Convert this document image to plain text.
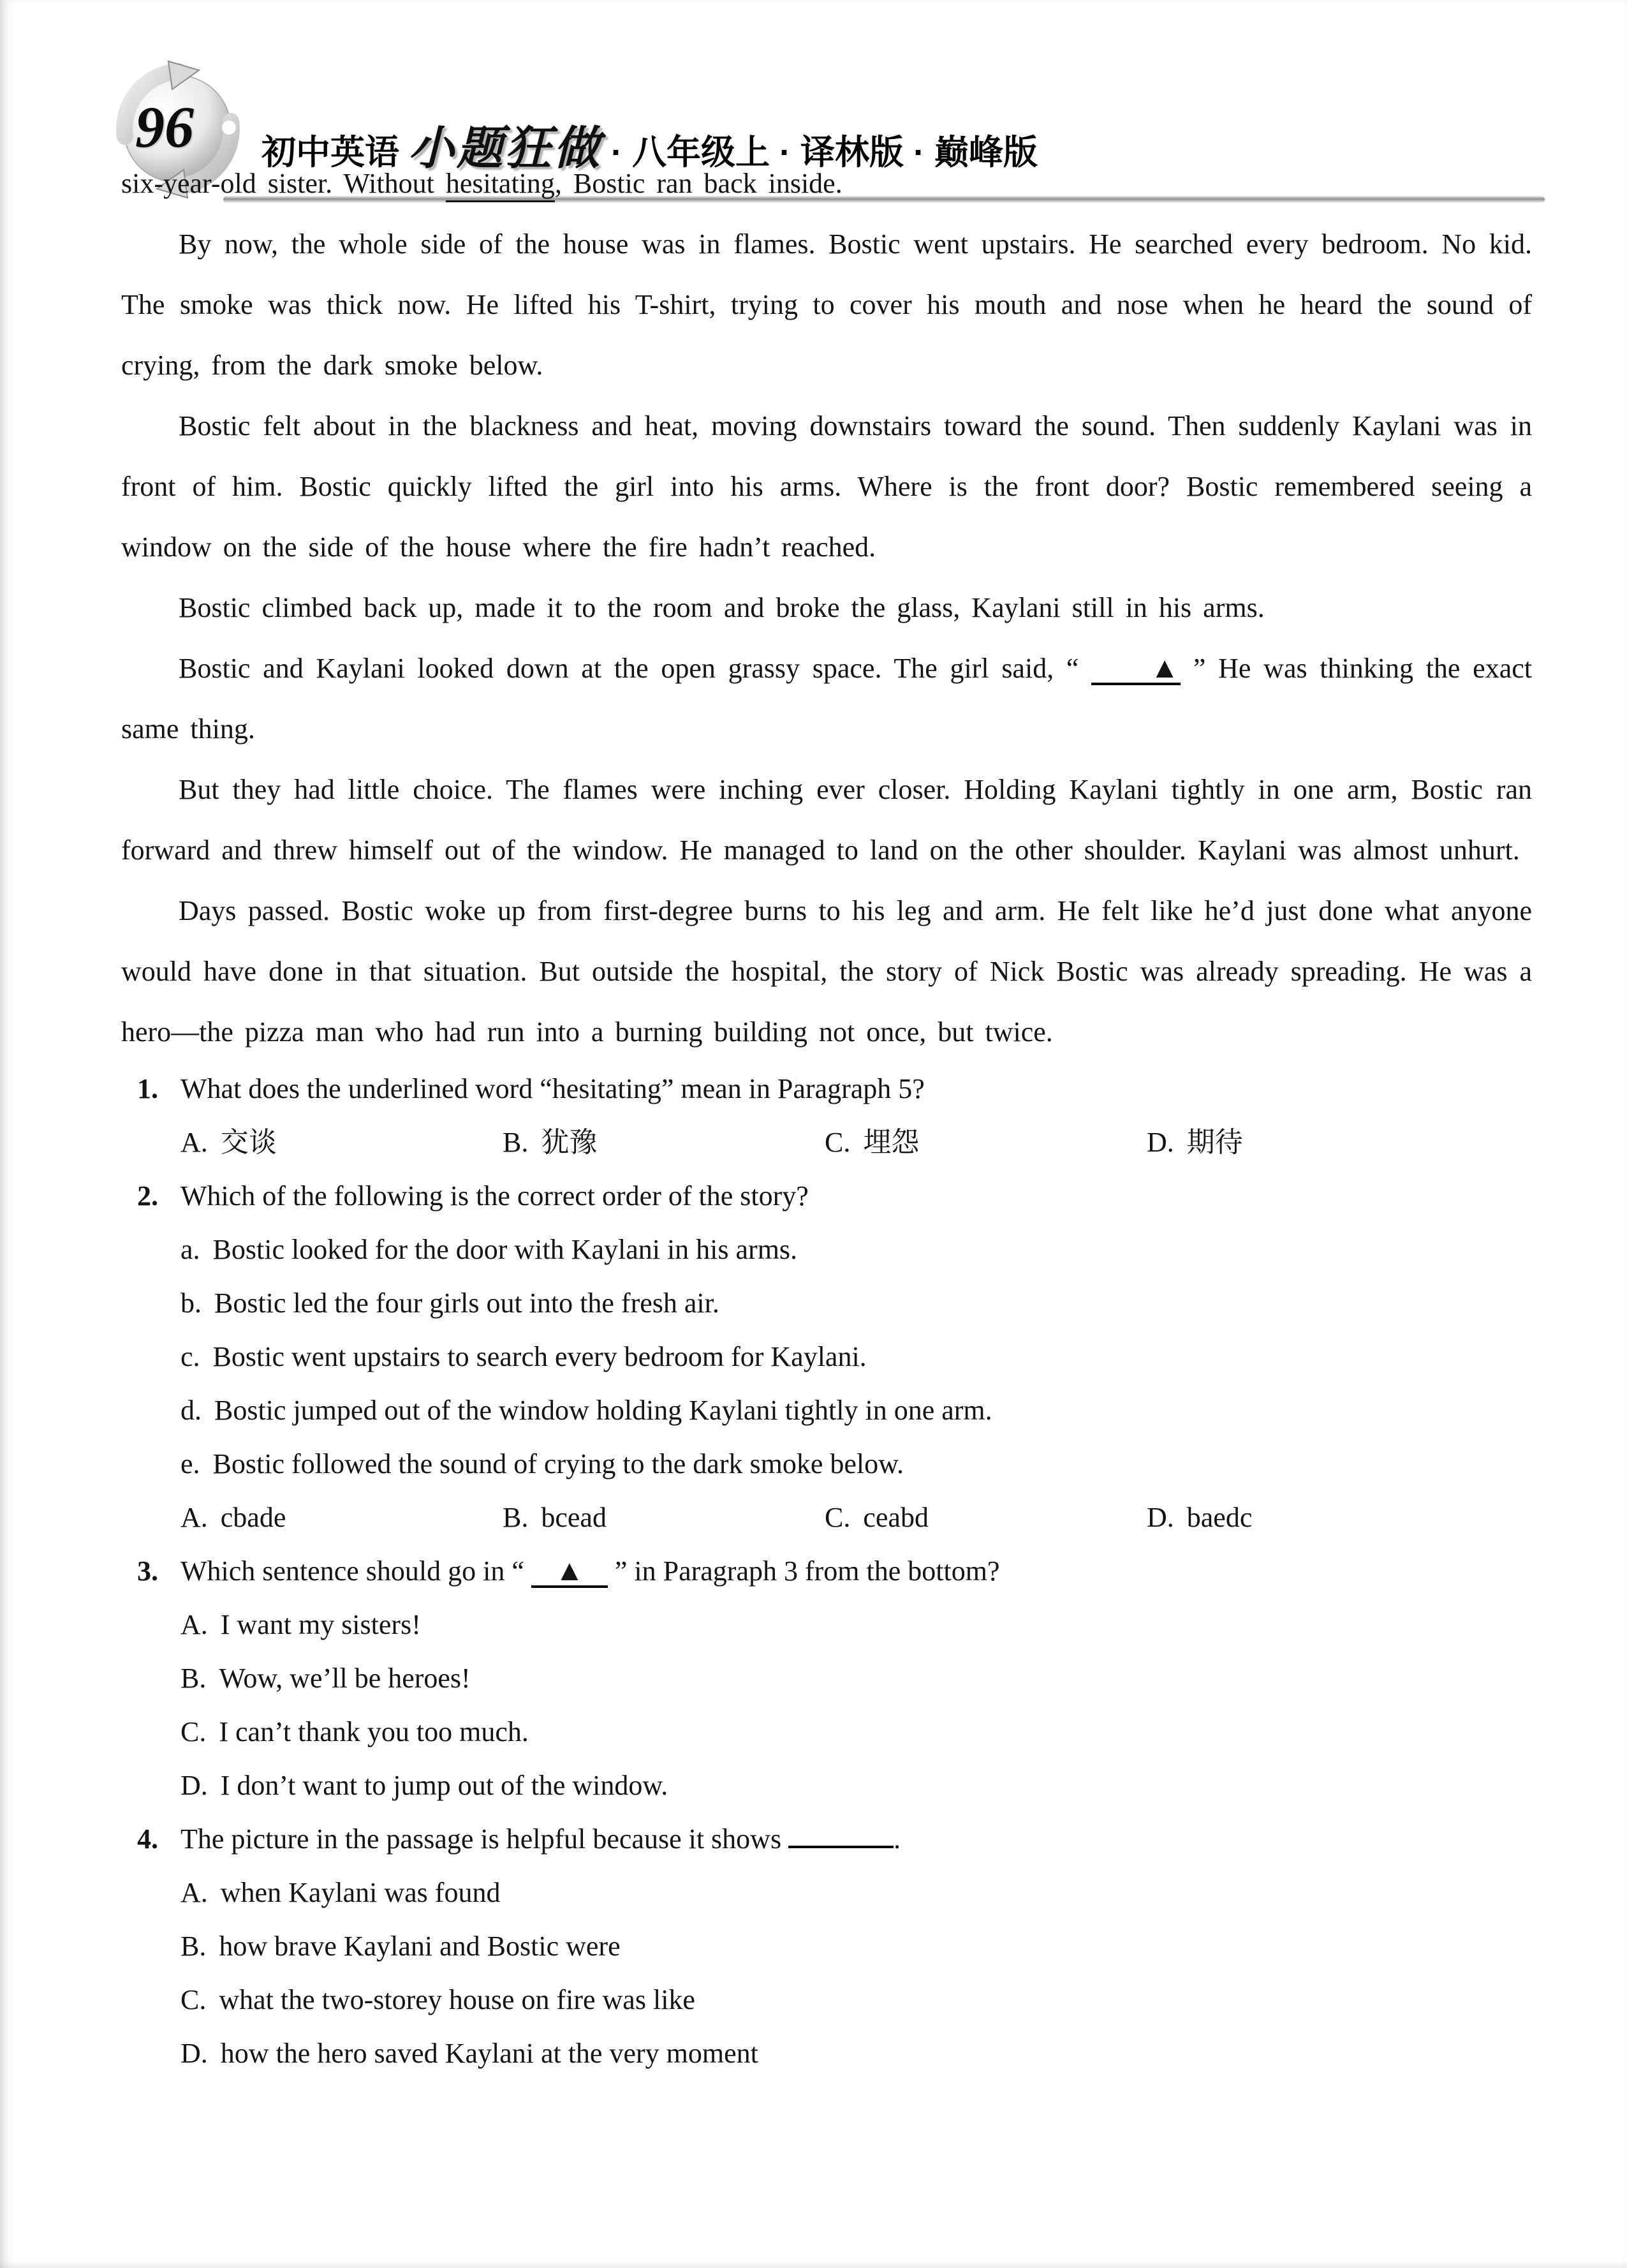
96 初中英语 小题狂做 · 八年级上 · 译林版 · 巅峰版

six-year-old sister. Without hesitating, Bostic ran back inside.

By now, the whole side of the house was in flames. Bostic went upstairs. He searched every bedroom. No kid. The smoke was thick now. He lifted his T-shirt, trying to cover his mouth and nose when he heard the sound of crying, from the dark smoke below.

Bostic felt about in the blackness and heat, moving downstairs toward the sound. Then suddenly Kaylani was in front of him. Bostic quickly lifted the girl into his arms. Where is the front door? Bostic remembered seeing a window on the side of the house where the fire hadn’t reached.

Bostic climbed back up, made it to the room and broke the glass, Kaylani still in his arms.

Bostic and Kaylani looked down at the open grassy space. The girl said, “ ▲ ” He was thinking the exact same thing.

But they had little choice. The flames were inching ever closer. Holding Kaylani tightly in one arm, Bostic ran forward and threw himself out of the window. He managed to land on the other shoulder. Kaylani was almost unhurt.

Days passed. Bostic woke up from first-degree burns to his leg and arm. He felt like he’d just done what anyone would have done in that situation. But outside the hospital, the story of Nick Bostic was already spreading. He was a hero—the pizza man who had run into a burning building not once, but twice.

1. What does the underlined word “hesitating” mean in Paragraph 5?
A. 交谈	B. 犹豫	C. 埋怨	D. 期待
2. Which of the following is the correct order of the story?
a. Bostic looked for the door with Kaylani in his arms.
b. Bostic led the four girls out into the fresh air.
c. Bostic went upstairs to search every bedroom for Kaylani.
d. Bostic jumped out of the window holding Kaylani tightly in one arm.
e. Bostic followed the sound of crying to the dark smoke below.
A. cbade	B. bcead	C. ceabd	D. baedc
3. Which sentence should go in “ ▲ ” in Paragraph 3 from the bottom?
A. I want my sisters!
B. Wow, we’ll be heroes!
C. I can’t thank you too much.
D. I don’t want to jump out of the window.
4. The picture in the passage is helpful because it shows	.
A. when Kaylani was found
B. how brave Kaylani and Bostic were
C. what the two-storey house on fire was like
D. how the hero saved Kaylani at the very moment
